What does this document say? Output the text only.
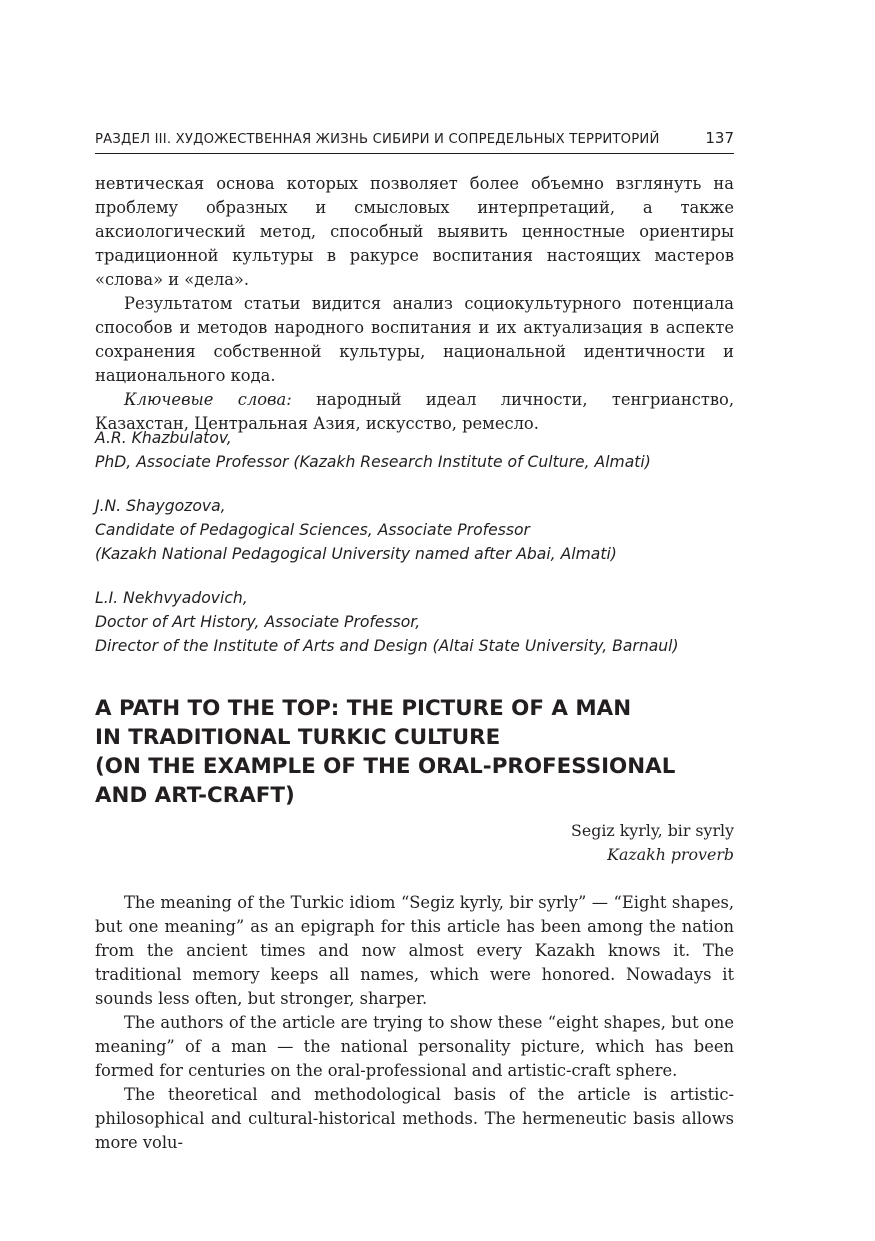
РАЗДЕЛ III. ХУДОЖЕСТВЕННАЯ ЖИЗНЬ СИБИРИ И СОПРЕДЕЛЬНЫХ ТЕРРИТОРИЙ	137

невтическая основа которых позволяет более объемно взглянуть на проблему образных и смысловых интерпретаций, а также аксиологический метод, способный выявить ценностные ориентиры традиционной культуры в ракурсе воспитания настоящих мастеров «слова» и «дела».

Результатом статьи видится анализ социокультурного потенциала способов и методов народного воспитания и их актуализация в аспекте сохранения собственной культуры, национальной идентичности и национального кода.

Ключевые слова: народный идеал личности, тенгрианство, Казахстан, Центральная Азия, искусство, ремесло.

A.R. Khazbulatov,
PhD, Associate Professor (Kazakh Research Institute of Culture, Almati)
J.N. Shaygozova,
Candidate of Pedagogical Sciences, Associate Professor
(Kazakh National Pedagogical University named after Abai, Almati)
L.I. Nekhvyadovich,
Doctor of Art History, Associate Professor,
Director of the Institute of Arts and Design (Altai State University, Barnaul)
A PATH TO THE TOP: THE PICTURE OF A MAN
IN TRADITIONAL TURKIC CULTURE
(ON THE EXAMPLE OF THE ORAL-PROFESSIONAL
AND ART-CRAFT)
Segiz kyrly, bir syrly
Kazakh proverb

The meaning of the Turkic idiom “Segiz kyrly, bir syrly” — “Eight shapes, but one meaning” as an epigraph for this article has been among the nation from the ancient times and now almost every Kazakh knows it. The traditional memory keeps all names, which were honored. Nowadays it sounds less often, but stronger, sharper.

The authors of the article are trying to show these “eight shapes, but one meaning” of a man — the national personality picture, which has been formed for centuries on the oral-professional and artistic-craft sphere.

The theoretical and methodological basis of the article is artistic-philosophical and cultural-historical methods. The hermeneutic basis allows more volu-
